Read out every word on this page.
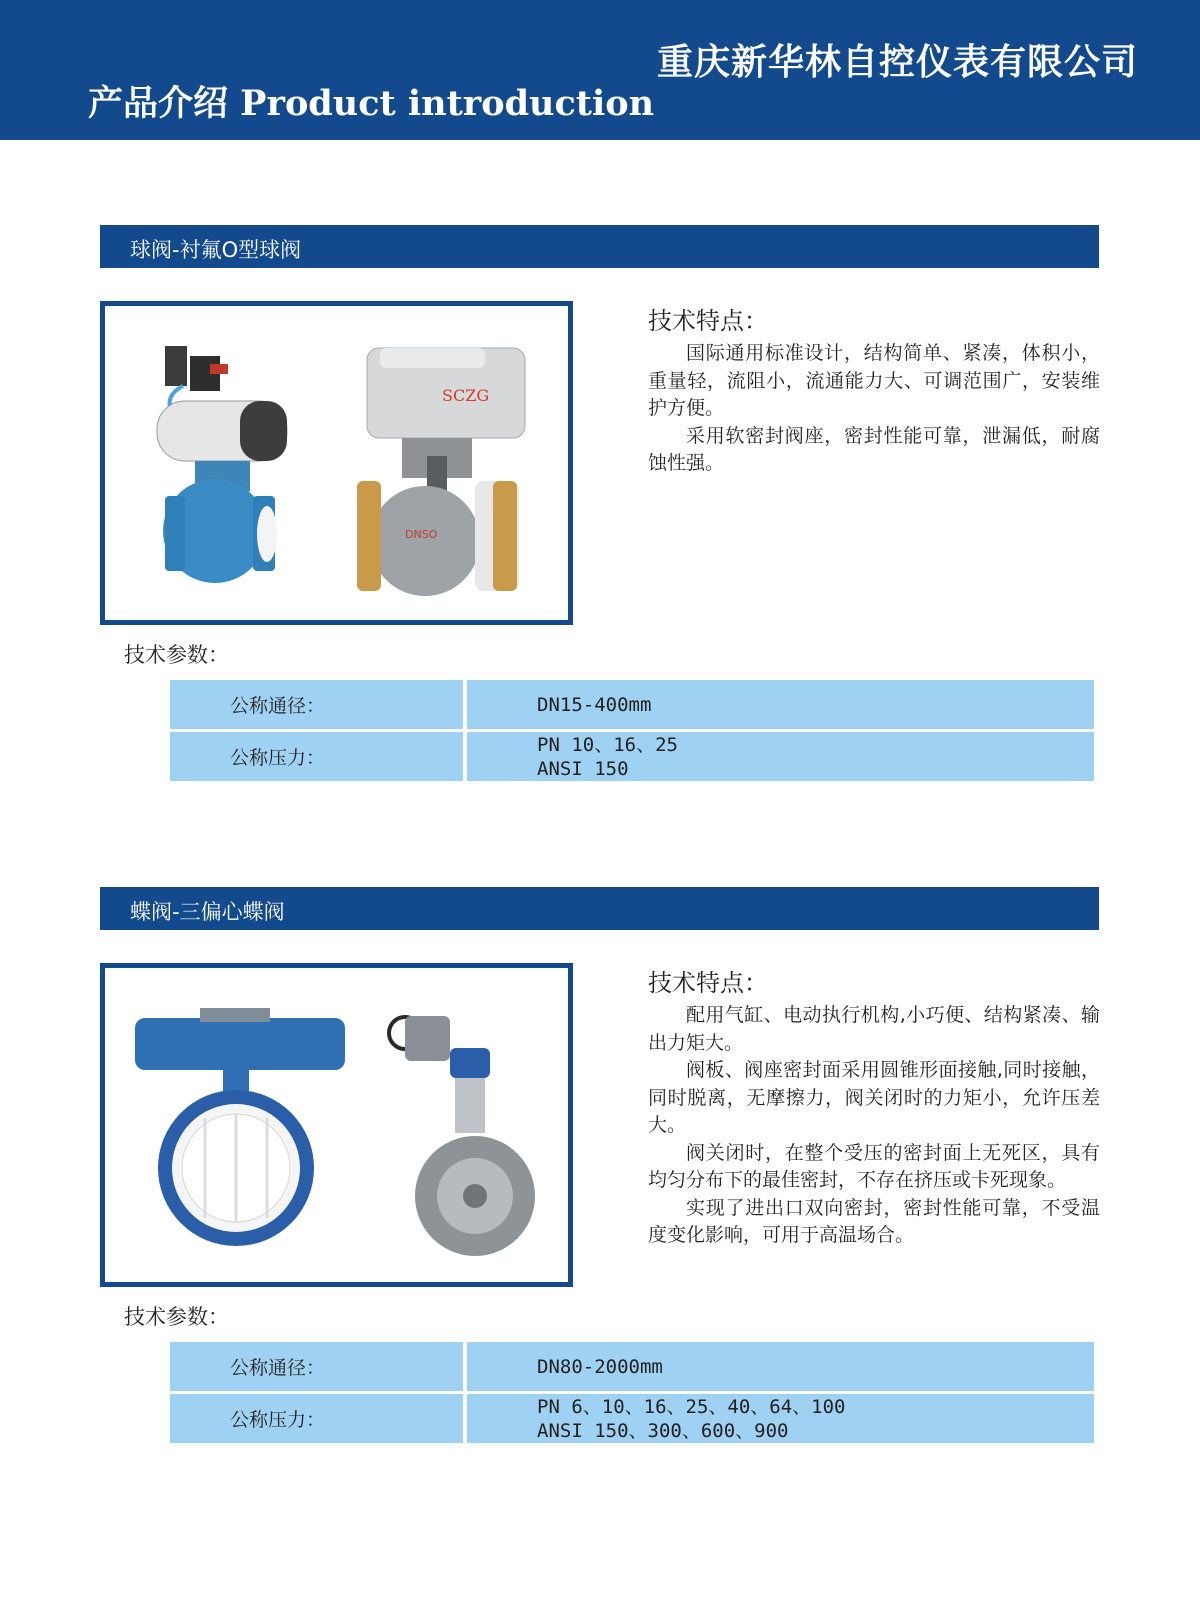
重庆新华林自控仪表有限公司
产品介绍 Product introduction
球阀-衬氟O型球阀
SCZG
DNSO
技术特点：

国际通用标准设计，结构简单、紧凑，体积小，重量轻，流阻小，流通能力大、可调范围广，安装维护方便。

采用软密封阀座，密封性能可靠，泄漏低，耐腐蚀性强。

技术参数：
公称通径：	DN15-400mm
公称压力：
PN 10、16、25
ANSI 150
蝶阀-三偏心蝶阀
技术特点：

配用气缸、电动执行机构,小巧便、结构紧凑、输出力矩大。

阀板、阀座密封面采用圆锥形面接触,同时接触，同时脱离，无摩擦力，阀关闭时的力矩小，允许压差大。

阀关闭时，在整个受压的密封面上无死区，具有均匀分布下的最佳密封，不存在挤压或卡死现象。

实现了进出口双向密封，密封性能可靠，不受温度变化影响，可用于高温场合。

技术参数：
公称通径：	DN80-2000mm
公称压力：
PN 6、10、16、25、40、64、100
ANSI 150、300、600、900
